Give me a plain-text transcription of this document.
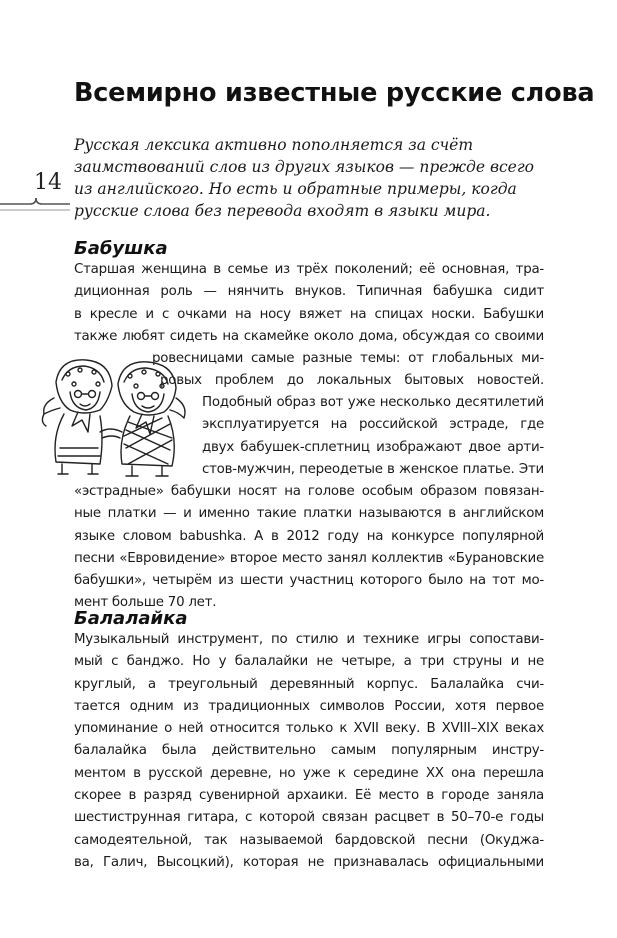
14
Всемирно известные русские слова
Русская лексика активно пополняется за счёт
заимствований слов из других языков — прежде всего
из английского. Но есть и обратные примеры, когда
русские слова без перевода входят в языки мира.
Бабушка
Старшая женщина в семье из трёх поколений; её основная, тра-
диционная роль — нянчить внуков. Типичная бабушка сидит
в кресле и с очками на носу вяжет на спицах носки. Бабушки
также любят сидеть на скамейке около дома, обсуждая со своими
ровесницами самые разные темы: от глобальных ми-
ровых проблем до локальных бытовых новостей.
Подобный образ вот уже несколько десятилетий
эксплуатируется на российской эстраде, где
двух бабушек-сплетниц изображают двое арти-
стов-мужчин, переодетые в женское платье. Эти
«эстрадные» бабушки носят на голове особым образом повязан-
ные платки — и именно такие платки называются в английском
языке словом babushka. А в 2012 году на конкурсе популярной
песни «Евровидение» второе место занял коллектив «Бурановские
бабушки», четырём из шести участниц которого было на тот мо-
мент больше 70 лет.
Балалайка
Музыкальный инструмент, по стилю и технике игры сопостави-
мый с банджо. Но у балалайки не четыре, а три струны и не
круглый, а треугольный деревянный корпус. Балалайка счи-
тается одним из традиционных символов России, хотя первое
упоминание о ней относится только к XVII веку. В XVIII–XIX веках
балалайка была действительно самым популярным инстру-
ментом в русской деревне, но уже к середине XX она перешла
скорее в разряд сувенирной архаики. Её место в городе заняла
шестиструнная гитара, с которой связан расцвет в 50–70-е годы
самодеятельной, так называемой бардовской песни (Окуджа-
ва, Галич, Высоцкий), которая не признавалась официальными
